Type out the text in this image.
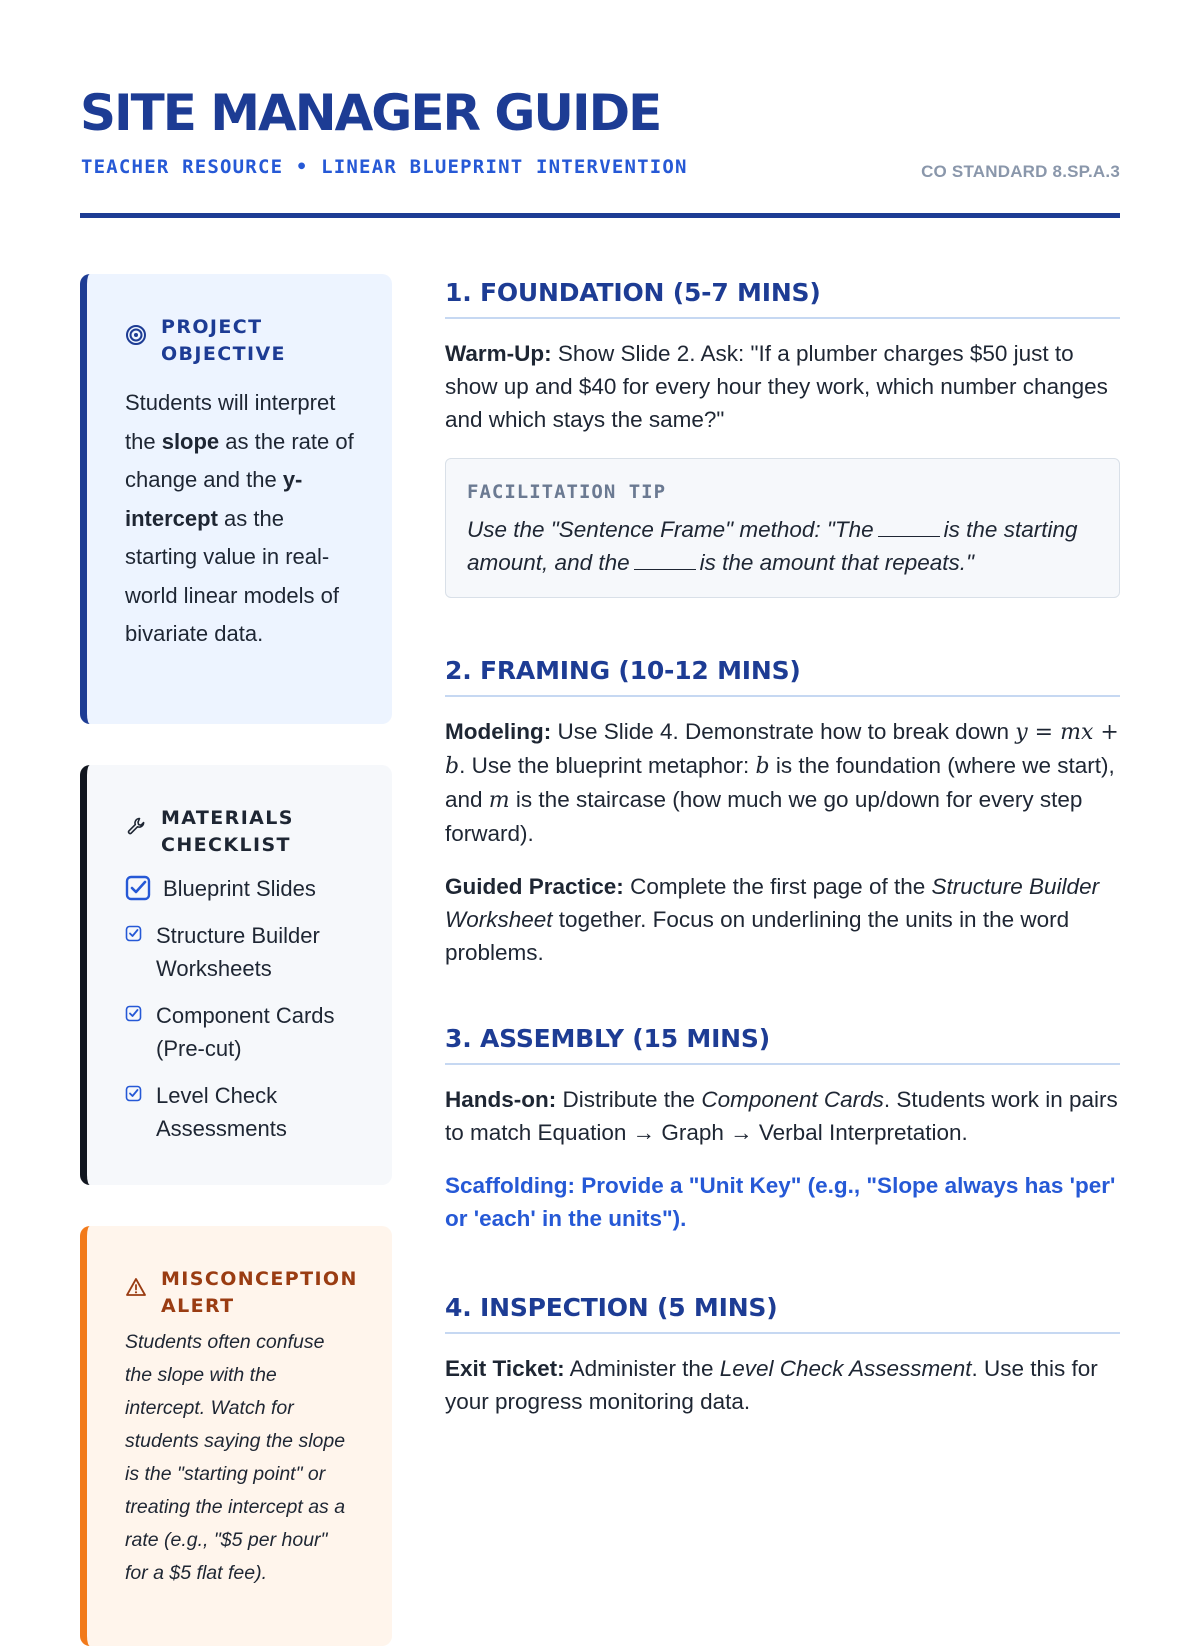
SITE MANAGER GUIDE
TEACHER RESOURCE • LINEAR BLUEPRINT INTERVENTION	CO STANDARD 8.SP.A.3
PROJECT OBJECTIVE
Students will interpret the slope as the rate of change and the y-intercept as the starting value in real-world linear models of bivariate data.
MATERIALS CHECKLIST
Blueprint Slides
Structure Builder Worksheets
Component Cards (Pre-cut)
Level Check Assessments
MISCONCEPTION ALERT
Students often confuse the slope with the intercept. Watch for students saying the slope is the "starting point" or treating the intercept as a rate (e.g., "$5 per hour" for a $5 flat fee).
1. FOUNDATION (5-7 MINS)

Warm-Up: Show Slide 2. Ask: "If a plumber charges $50 just to show up and $40 for every hour they work, which number changes and which stays the same?"

FACILITATION TIP
Use the "Sentence Frame" method: "The	is the starting amount, and the	is the amount that repeats."
2. FRAMING (10-12 MINS)

Modeling: Use Slide 4. Demonstrate how to break down y = mx + b. Use the blueprint metaphor: b is the foundation (where we start), and m is the staircase (how much we go up/down for every step forward).

Guided Practice: Complete the first page of the Structure Builder Worksheet together. Focus on underlining the units in the word problems.

3. ASSEMBLY (15 MINS)

Hands-on: Distribute the Component Cards. Students work in pairs to match Equation → Graph → Verbal Interpretation.

Scaffolding: Provide a "Unit Key" (e.g., "Slope always has 'per' or 'each' in the units").

4. INSPECTION (5 MINS)

Exit Ticket: Administer the Level Check Assessment. Use this for your progress monitoring data.
